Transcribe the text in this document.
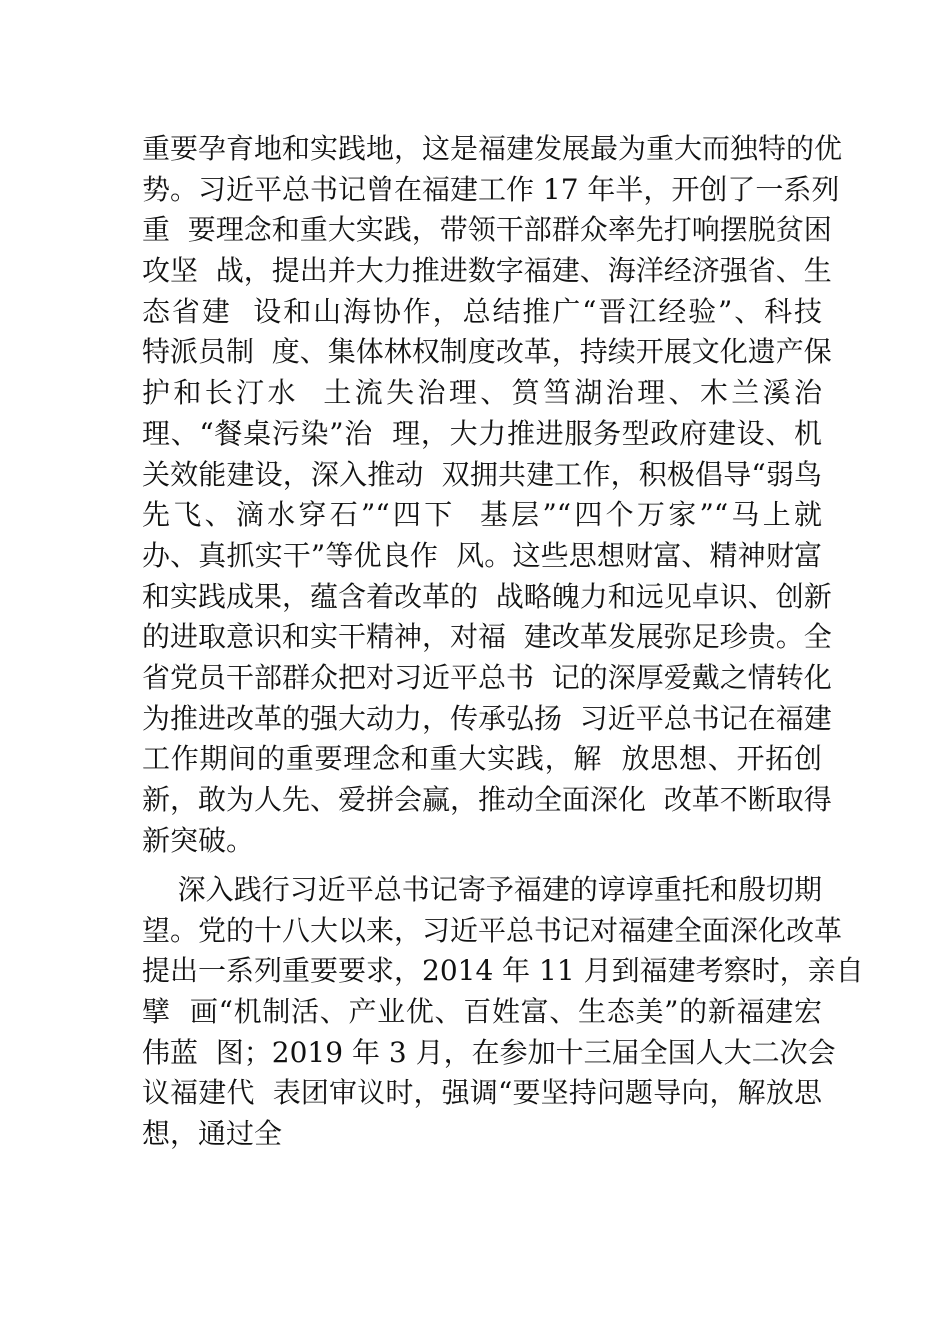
重要孕育地和实践地，这是福建发展最为重大而独特的优
势。习近平总书记曾在福建工作 17 年半，开创了一系列
重  要理念和重大实践，带领干部群众率先打响摆脱贫困
攻坚  战，提出并大力推进数字福建、海洋经济强省、生
态省建  设和山海协作，总结推广“晋江经验”、科技
特派员制  度、集体林权制度改革，持续开展文化遗产保
护和长汀水  土流失治理、筼筜湖治理、木兰溪治
理、“餐桌污染”治  理，大力推进服务型政府建设、机
关效能建设，深入推动  双拥共建工作，积极倡导“弱鸟
先飞、滴水穿石”“四下  基层”“四个万家”“马上就
办、真抓实干”等优良作  风。这些思想财富、精神财富
和实践成果，蕴含着改革的  战略魄力和远见卓识、创新
的进取意识和实干精神，对福  建改革发展弥足珍贵。全
省党员干部群众把对习近平总书  记的深厚爱戴之情转化
为推进改革的强大动力，传承弘扬  习近平总书记在福建
工作期间的重要理念和重大实践，解  放思想、开拓创
新，敢为人先、爱拼会赢，推动全面深化  改革不断取得
新突破。
深入践行习近平总书记寄予福建的谆谆重托和殷切期
望。党的十八大以来，习近平总书记对福建全面深化改革
提出一系列重要要求，2014 年 11 月到福建考察时，亲自
擘  画“机制活、产业优、百姓富、生态美”的新福建宏
伟蓝  图；2019 年 3 月，在参加十三届全国人大二次会
议福建代  表团审议时，强调“要坚持问题导向，解放思
想，通过全
